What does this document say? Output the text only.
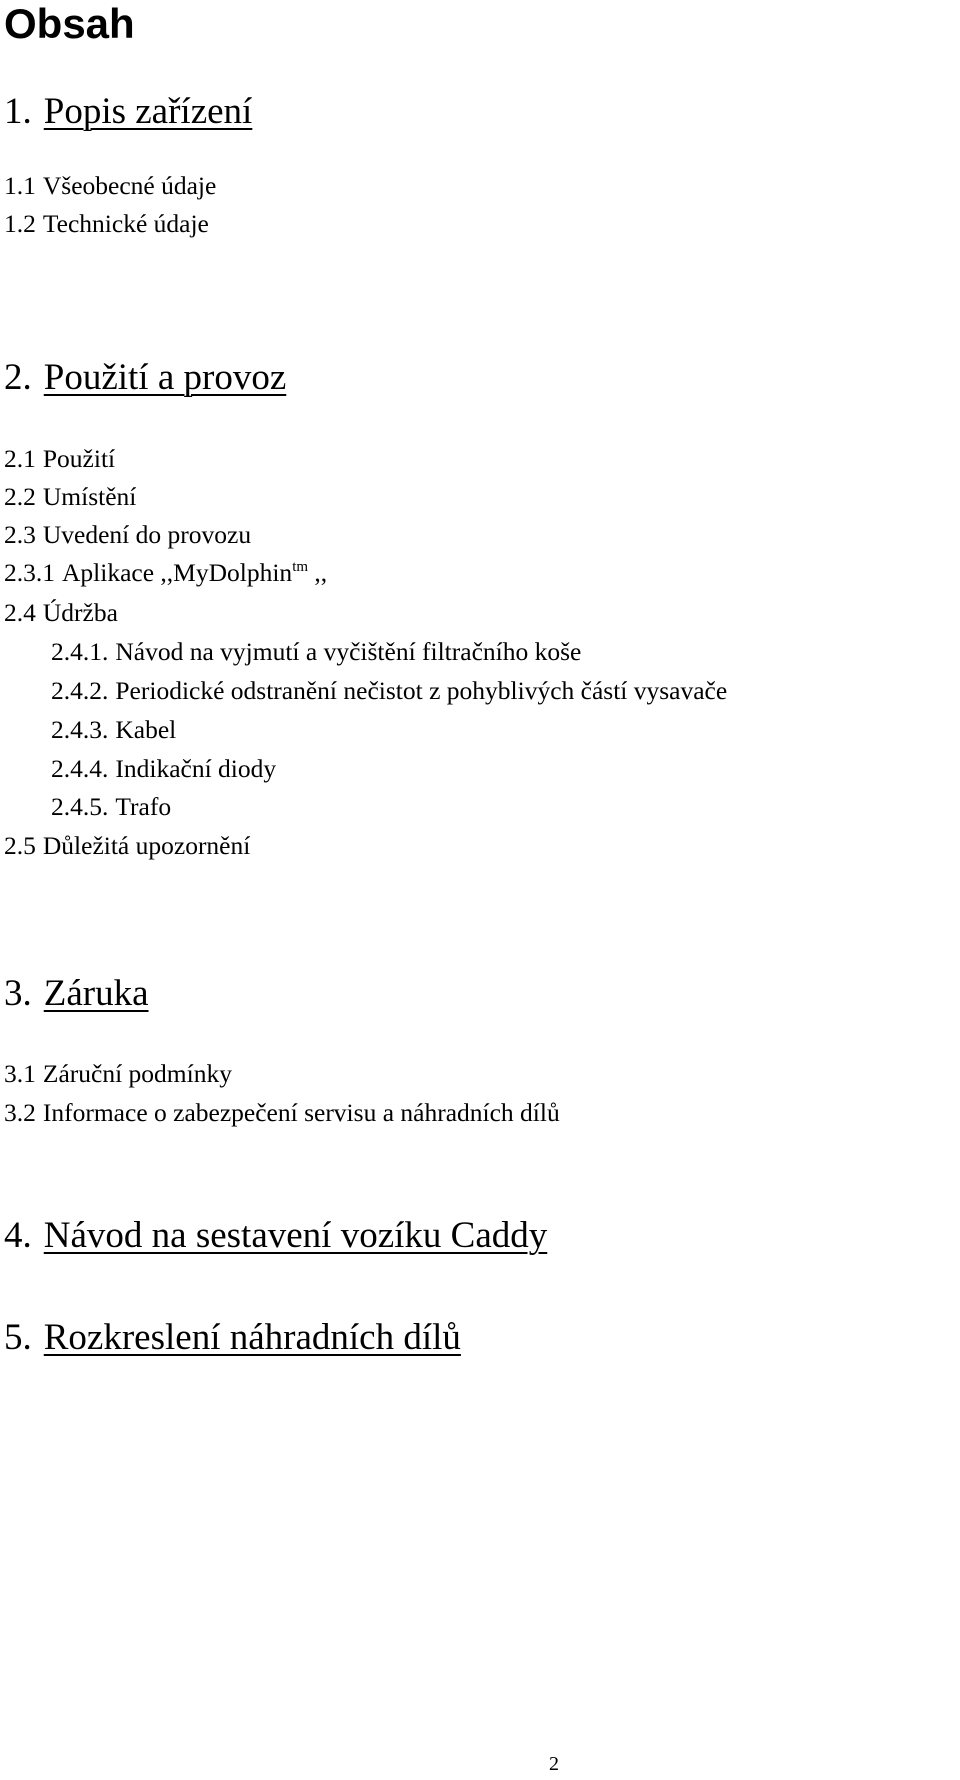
Obsah
1. Popis zařízení
1.1 Všeobecné údaje
1.2 Technické údaje
2. Použití a provoz
2.1 Použití
2.2 Umístění
2.3 Uvedení do provozu
2.3.1 Aplikace ,,MyDolphin$^{tm}$ ,,
2.4 Údržba
2.4.1. Návod na vyjmutí a vyčištění filtračního koše
2.4.2. Periodické odstranění nečistot z pohyblivých částí vysavače
2.4.3. Kabel
2.4.4. Indikační diody
2.4.5. Trafo
2.5 Důležitá upozornění
3. Záruka
3.1 Záruční podmínky
3.2 Informace o zabezpečení servisu a náhradních dílů
4. Návod na sestavení vozíku Caddy
5. Rozkreslení náhradních dílů
2
